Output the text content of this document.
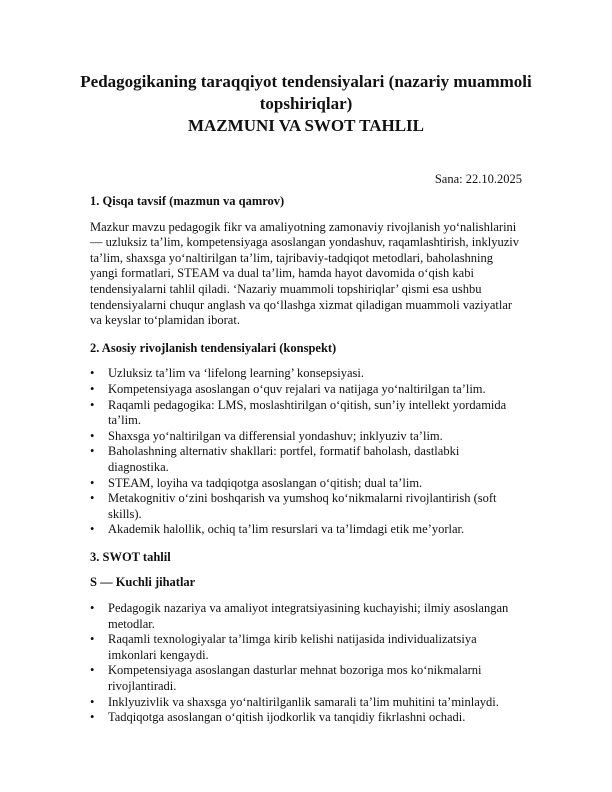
Pedagogikaning taraqqiyot tendensiyalari (nazariy muammoli
topshiriqlar)
MAZMUNI VA SWOT TAHLIL
Sana: 22.10.2025
1. Qisqa tavsif (mazmun va qamrov)

Mazkur mavzu pedagogik fikr va amaliyotning zamonaviy rivojlanish yo‘nalishlarini — uzluksiz ta’lim, kompetensiyaga asoslangan yondashuv, raqamlashtirish, inklyuziv ta’lim, shaxsga yo‘naltirilgan ta’lim, tajribaviy-tadqiqot metodlari, baholashning yangi formatlari, STEAM va dual ta’lim, hamda hayot davomida o‘qish kabi tendensiyalarni tahlil qiladi. ‘Nazariy muammoli topshiriqlar’ qismi esa ushbu tendensiyalarni chuqur anglash va qo‘llashga xizmat qiladigan muammoli vaziyatlar va keyslar to‘plamidan iborat.

2. Asosiy rivojlanish tendensiyalari (konspekt)
• Uzluksiz ta’lim va ‘lifelong learning’ konsepsiyasi.
• Kompetensiyaga asoslangan o‘quv rejalari va natijaga yo‘naltirilgan ta’lim.
• Raqamli pedagogika: LMS, moslashtirilgan o‘qitish, sun’iy intellekt yordamida ta’lim.
• Shaxsga yo‘naltirilgan va differensial yondashuv; inklyuziv ta’lim.
• Baholashning alternativ shakllari: portfel, formatif baholash, dastlabki diagnostika.
• STEAM, loyiha va tadqiqotga asoslangan o‘qitish; dual ta’lim.
• Metakognitiv o‘zini boshqarish va yumshoq ko‘nikmalarni rivojlantirish (soft skills).
• Akademik halollik, ochiq ta’lim resurslari va ta’limdagi etik me’yorlar.
3. SWOT tahlil
S — Kuchli jihatlar
• Pedagogik nazariya va amaliyot integratsiyasining kuchayishi; ilmiy asoslangan metodlar.
• Raqamli texnologiyalar ta’limga kirib kelishi natijasida individualizatsiya imkonlari kengaydi.
• Kompetensiyaga asoslangan dasturlar mehnat bozoriga mos ko‘nikmalarni rivojlantiradi.
• Inklyuzivlik va shaxsga yo‘naltirilganlik samarali ta’lim muhitini ta’minlaydi.
• Tadqiqotga asoslangan o‘qitish ijodkorlik va tanqidiy fikrlashni ochadi.
